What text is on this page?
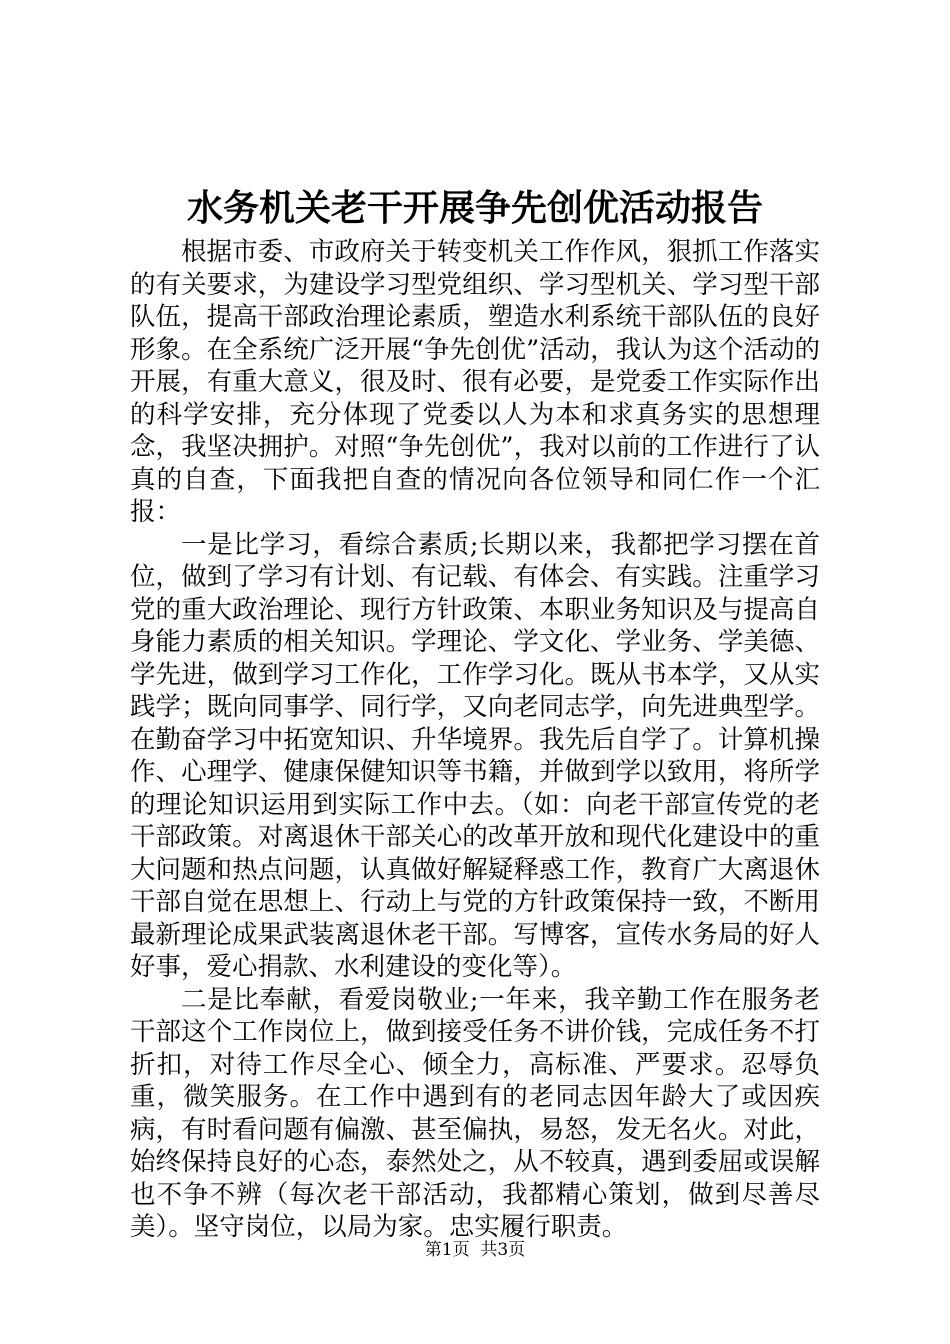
水务机关老干开展争先创优活动报告

根据市委、市政府关于转变机关工作作风，狠抓工作落实的有关要求，为建设学习型党组织、学习型机关、学习型干部队伍，提高干部政治理论素质，塑造水利系统干部队伍的良好形象。在全系统广泛开展“争先创优”活动，我认为这个活动的开展，有重大意义，很及时、很有必要，是党委工作实际作出的科学安排，充分体现了党委以人为本和求真务实的思想理念，我坚决拥护。对照“争先创优”，我对以前的工作进行了认真的自查，下面我把自查的情况向各位领导和同仁作一个汇报：

一是比学习，看综合素质;长期以来，我都把学习摆在首位，做到了学习有计划、有记载、有体会、有实践。注重学习党的重大政治理论、现行方针政策、本职业务知识及与提高自身能力素质的相关知识。学理论、学文化、学业务、学美德、学先进，做到学习工作化，工作学习化。既从书本学，又从实践学；既向同事学、同行学，又向老同志学，向先进典型学。在勤奋学习中拓宽知识、升华境界。我先后自学了。计算机操作、心理学、健康保健知识等书籍，并做到学以致用，将所学的理论知识运用到实际工作中去。（如：向老干部宣传党的老干部政策。对离退休干部关心的改革开放和现代化建设中的重大问题和热点问题，认真做好解疑释惑工作，教育广大离退休干部自觉在思想上、行动上与党的方针政策保持一致，不断用最新理论成果武装离退休老干部。写博客，宣传水务局的好人好事，爱心捐款、水利建设的变化等）。

二是比奉献，看爱岗敬业;一年来，我辛勤工作在服务老干部这个工作岗位上，做到接受任务不讲价钱，完成任务不打折扣，对待工作尽全心、倾全力，高标准、严要求。忍辱负重，微笑服务。在工作中遇到有的老同志因年龄大了或因疾病，有时看问题有偏激、甚至偏执，易怒，发无名火。对此，始终保持良好的心态，泰然处之，从不较真，遇到委屈或误解也不争不辨（每次老干部活动，我都精心策划，做到尽善尽美）。坚守岗位，以局为家。忠实履行职责。

第1页  共3页
